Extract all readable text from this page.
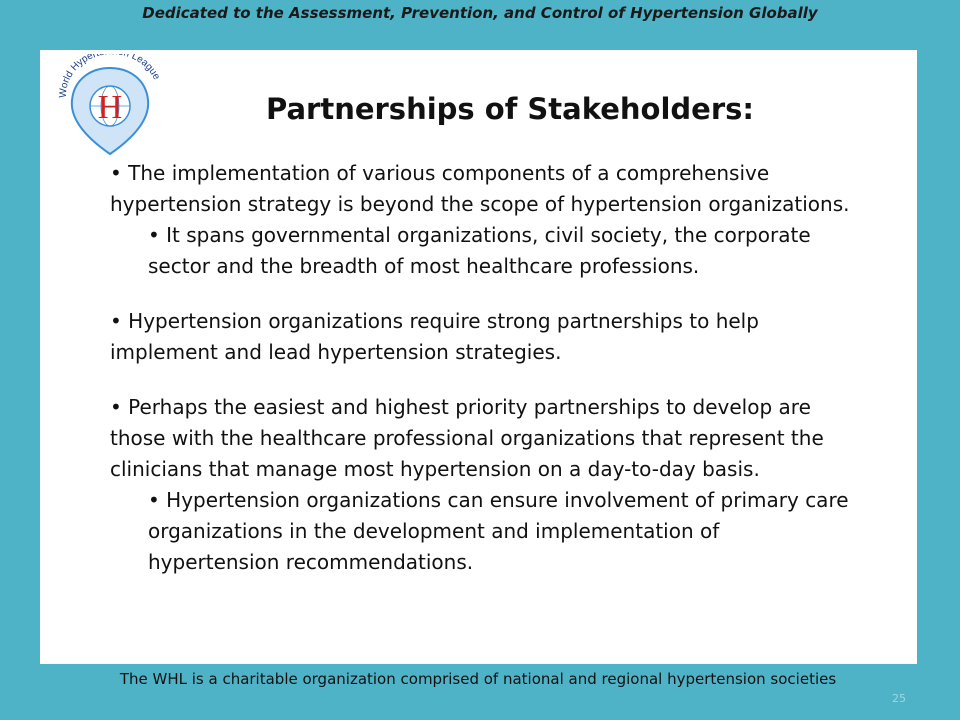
Dedicated to the Assessment, Prevention, and Control of Hypertension Globally
H
World Hyper League
Partnerships of Stakeholders:

• The implementation of various components of a comprehensive hypertension strategy is beyond the scope of hypertension organizations.

• It spans governmental organizations, civil society, the corporate sector and the breadth of most healthcare professions.

• Hypertension organizations require strong partnerships to help implement and lead hypertension strategies.

• Perhaps the easiest and highest priority partnerships to develop are those with the healthcare professional organizations that represent the clinicians that manage most hypertension on a day-to-day basis.

• Hypertension organizations can ensure involvement of primary care organizations in the development and implementation of hypertension recommendations.

The WHL is a charitable organization comprised of national and regional hypertension societies
25
